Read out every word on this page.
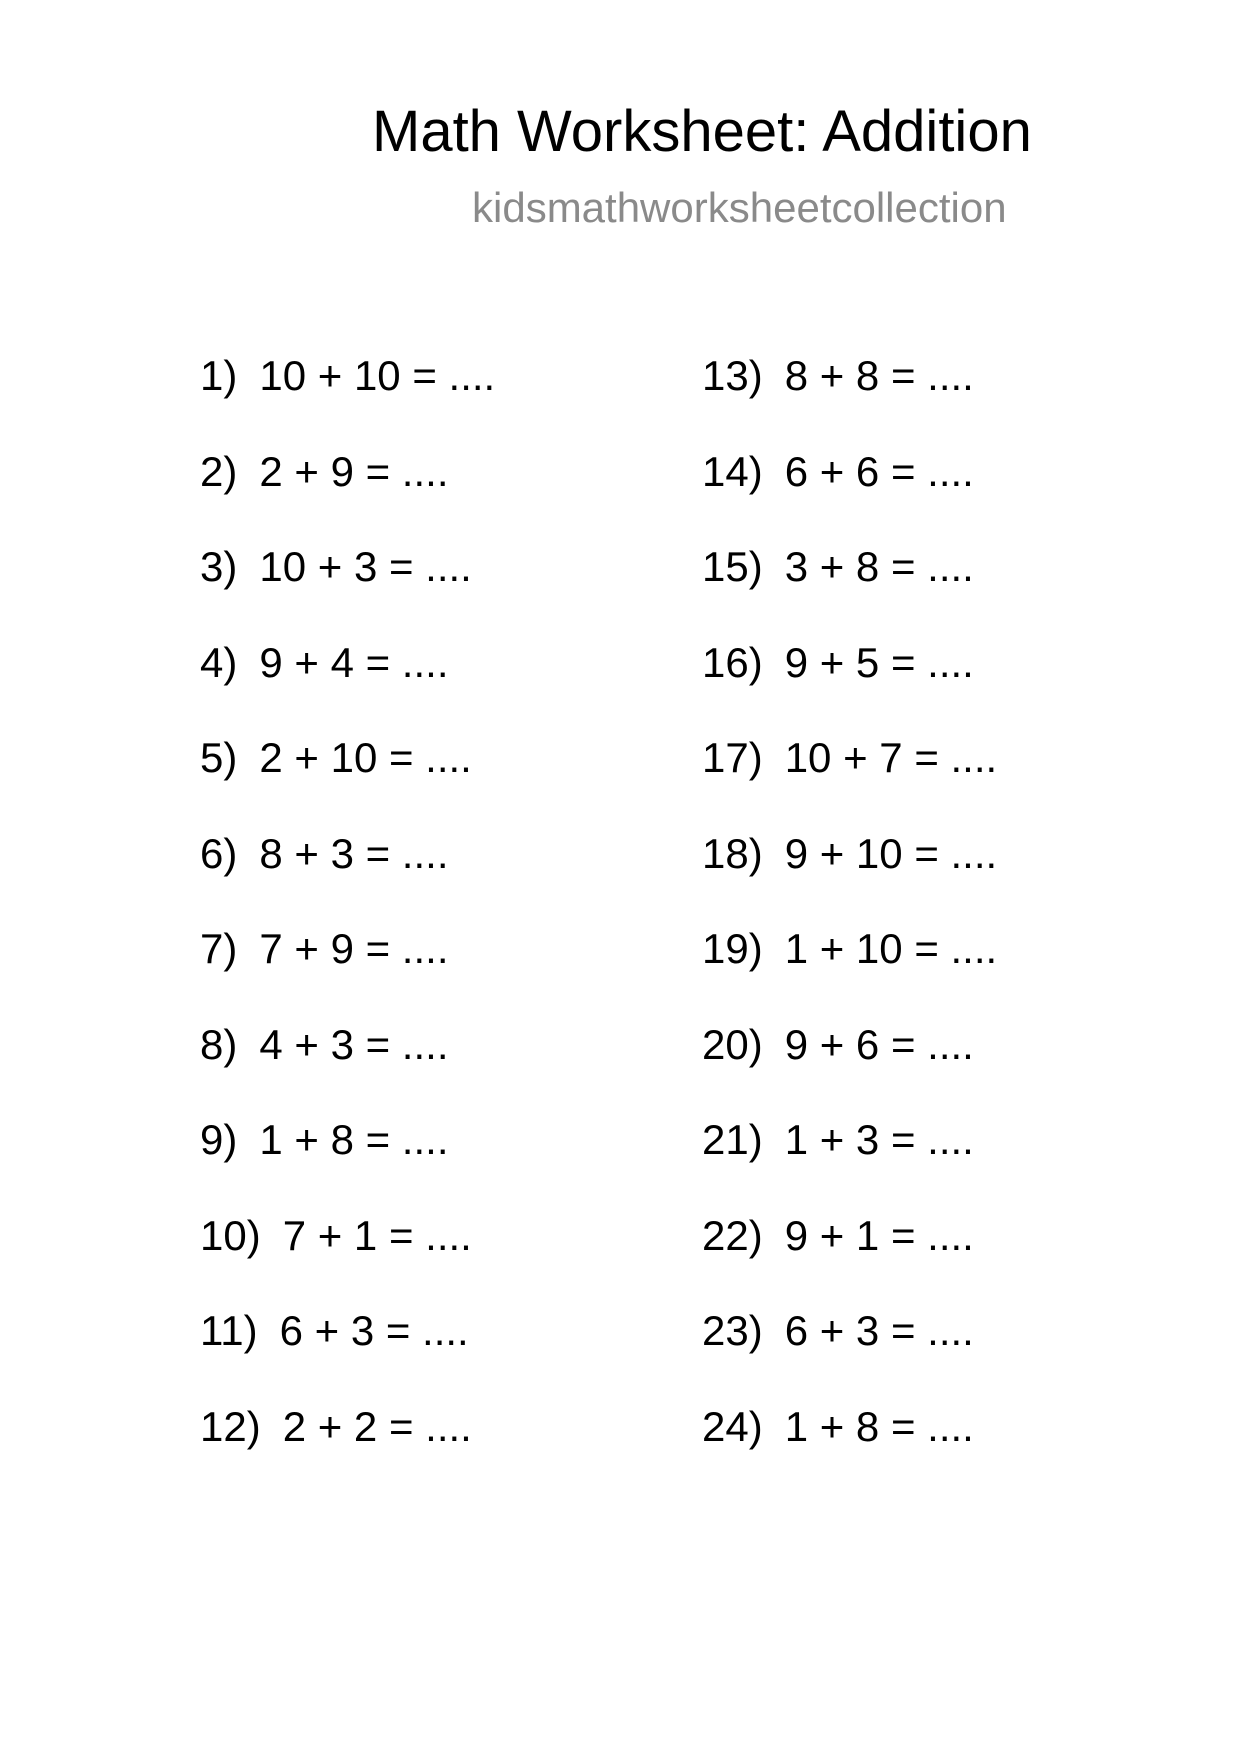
Math Worksheet: Addition
kidsmathworksheetcollection
1) 10 + 10 = ....
2) 2 + 9 = ....
3) 10 + 3 = ....
4) 9 + 4 = ....
5) 2 + 10 = ....
6) 8 + 3 = ....
7) 7 + 9 = ....
8) 4 + 3 = ....
9) 1 + 8 = ....
10) 7 + 1 = ....
11) 6 + 3 = ....
12) 2 + 2 = ....
13) 8 + 8 = ....
14) 6 + 6 = ....
15) 3 + 8 = ....
16) 9 + 5 = ....
17) 10 + 7 = ....
18) 9 + 10 = ....
19) 1 + 10 = ....
20) 9 + 6 = ....
21) 1 + 3 = ....
22) 9 + 1 = ....
23) 6 + 3 = ....
24) 1 + 8 = ....
